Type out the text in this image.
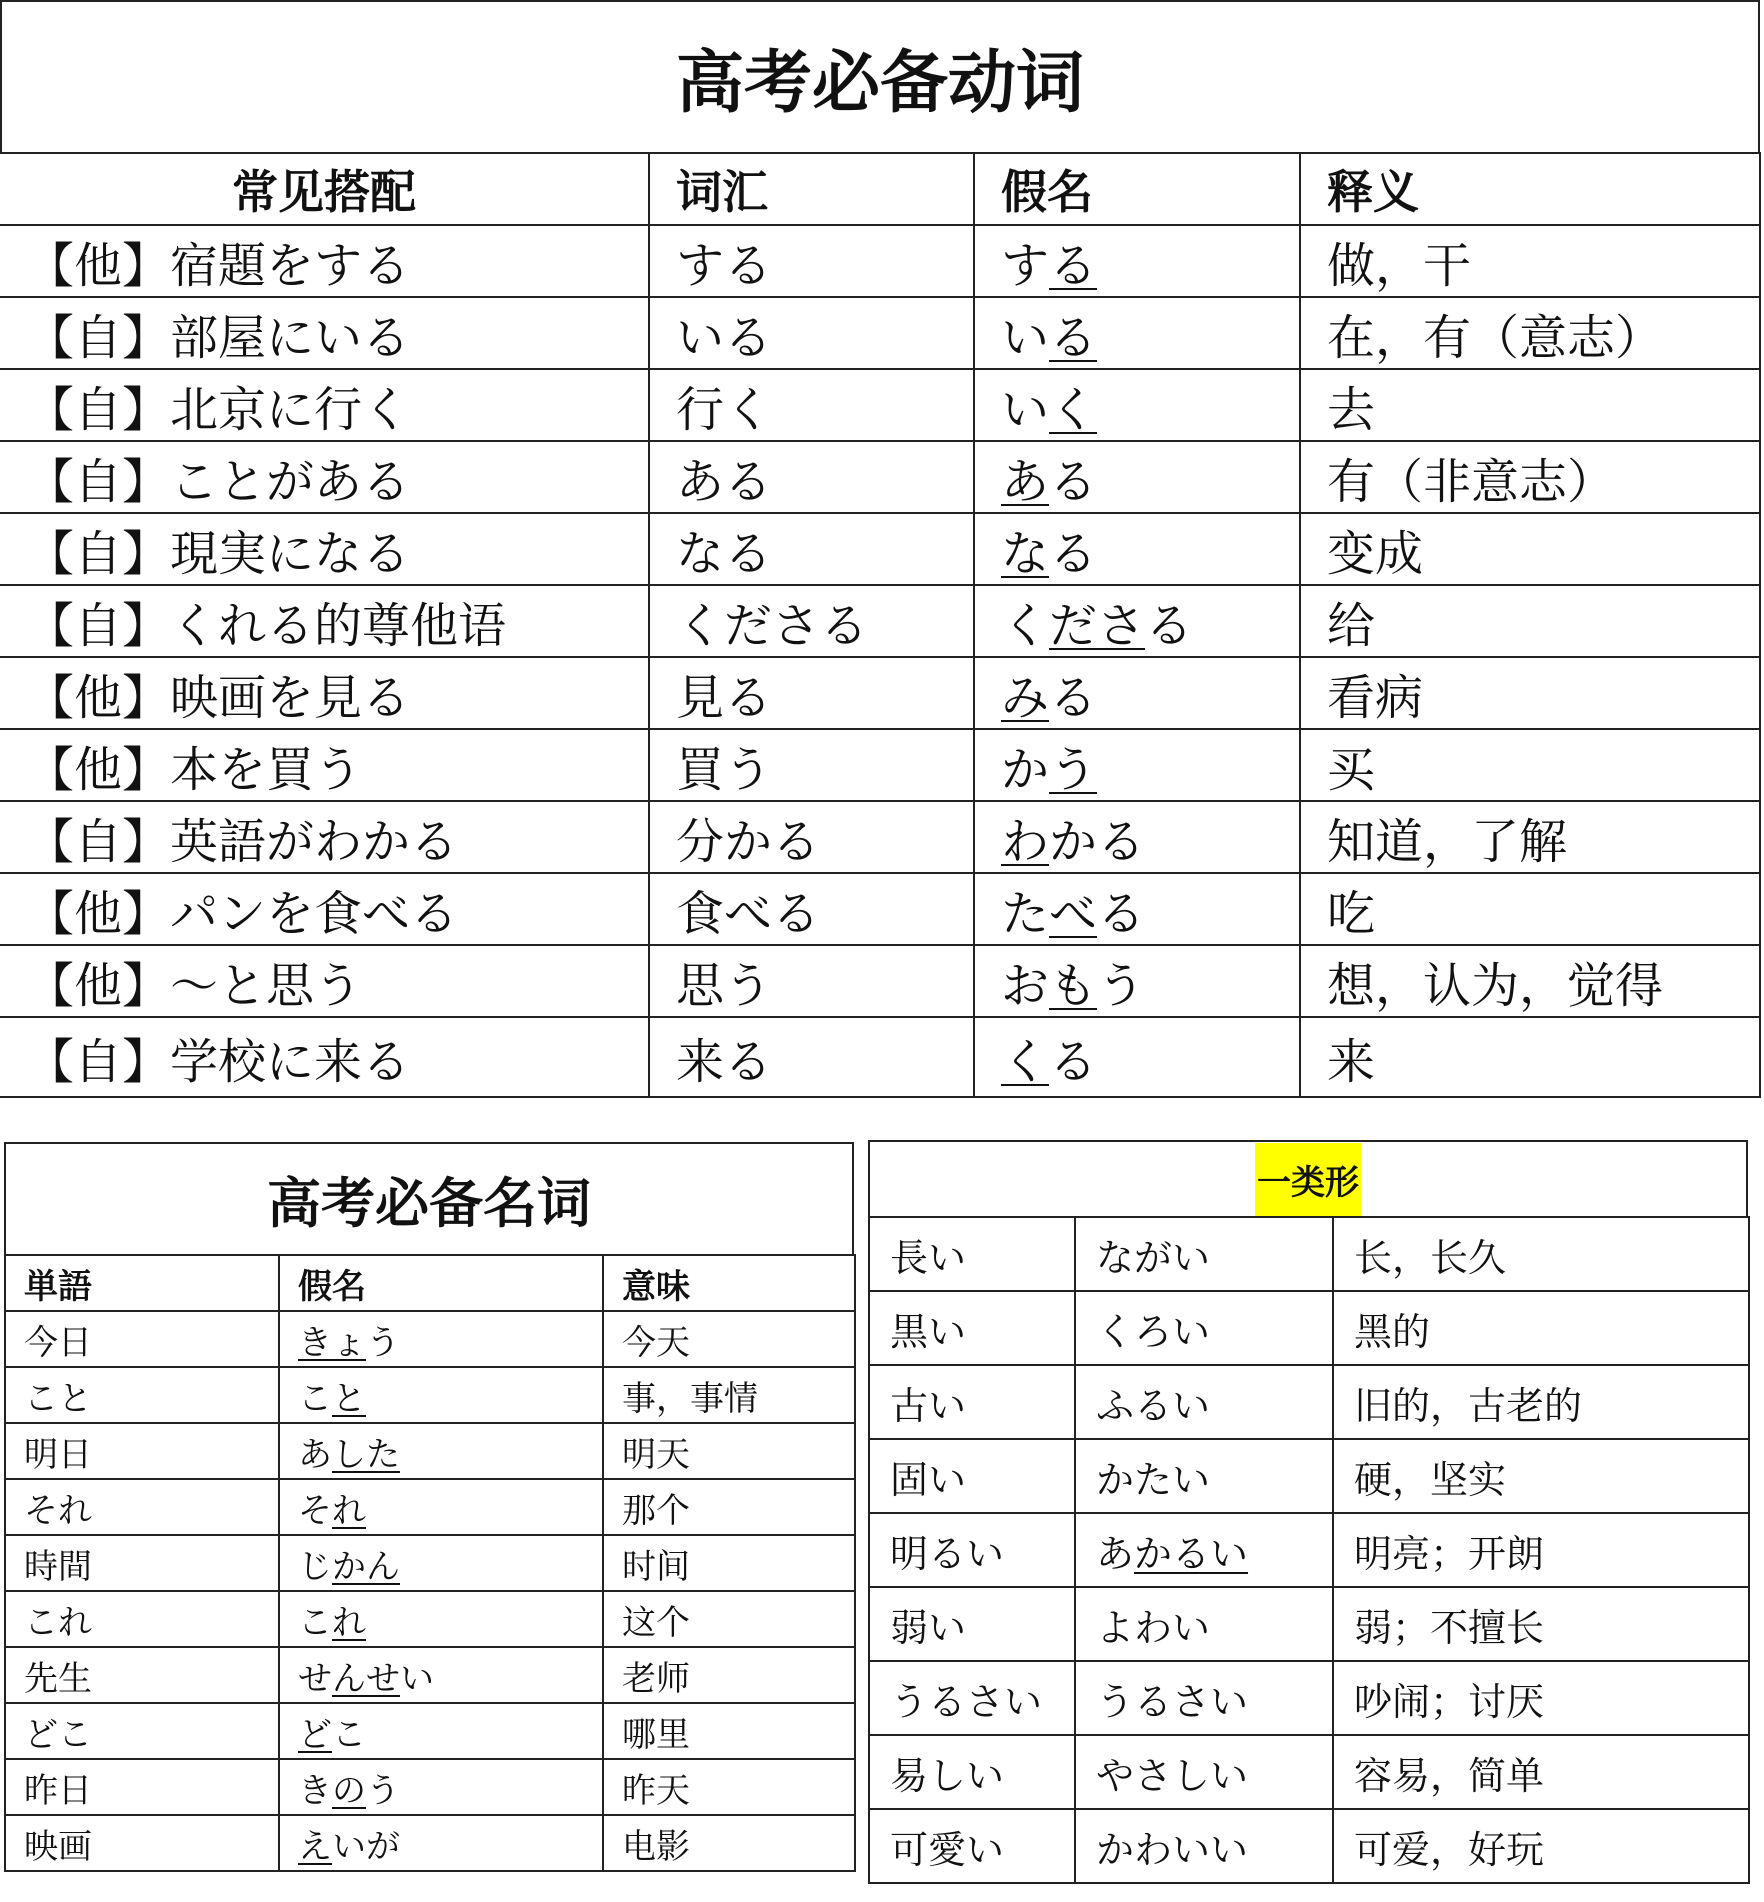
高考必备动词
常见搭配	词汇	假名	释义
【他】宿題をする	する	する	做，干
【自】部屋にいる	いる	いる	在，有（意志）
【自】北京に行く	行く	いく	去
【自】ことがある	ある	ある	有（非意志）
【自】現実になる	なる	なる	变成
【自】くれる的尊他语	くださる	くださる	给
【他】映画を見る	見る	みる	看病
【他】本を買う	買う	かう	买
【自】英語がわかる	分かる	わかる	知道，了解
【他】パンを食べる	食べる	たべる	吃
【他】～と思う	思う	おもう	想，认为，觉得
【自】学校に来る	来る	くる	来
高考必备名词
単語	假名	意味
今日	きょう	今天
こと	こと	事，事情
明日	あした	明天
それ	それ	那个
時間	じかん	时间
これ	これ	这个
先生	せんせい	老师
どこ	どこ	哪里
昨日	きのう	昨天
映画	えいが	电影
一类形
長い	ながい	长，长久
黒い	くろい	黑的
古い	ふるい	旧的，古老的
固い	かたい	硬，坚实
明るい	あかるい	明亮；开朗
弱い	よわい	弱；不擅长
うるさい	うるさい	吵闹；讨厌
易しい	やさしい	容易，简单
可愛い	かわいい	可爱，好玩
